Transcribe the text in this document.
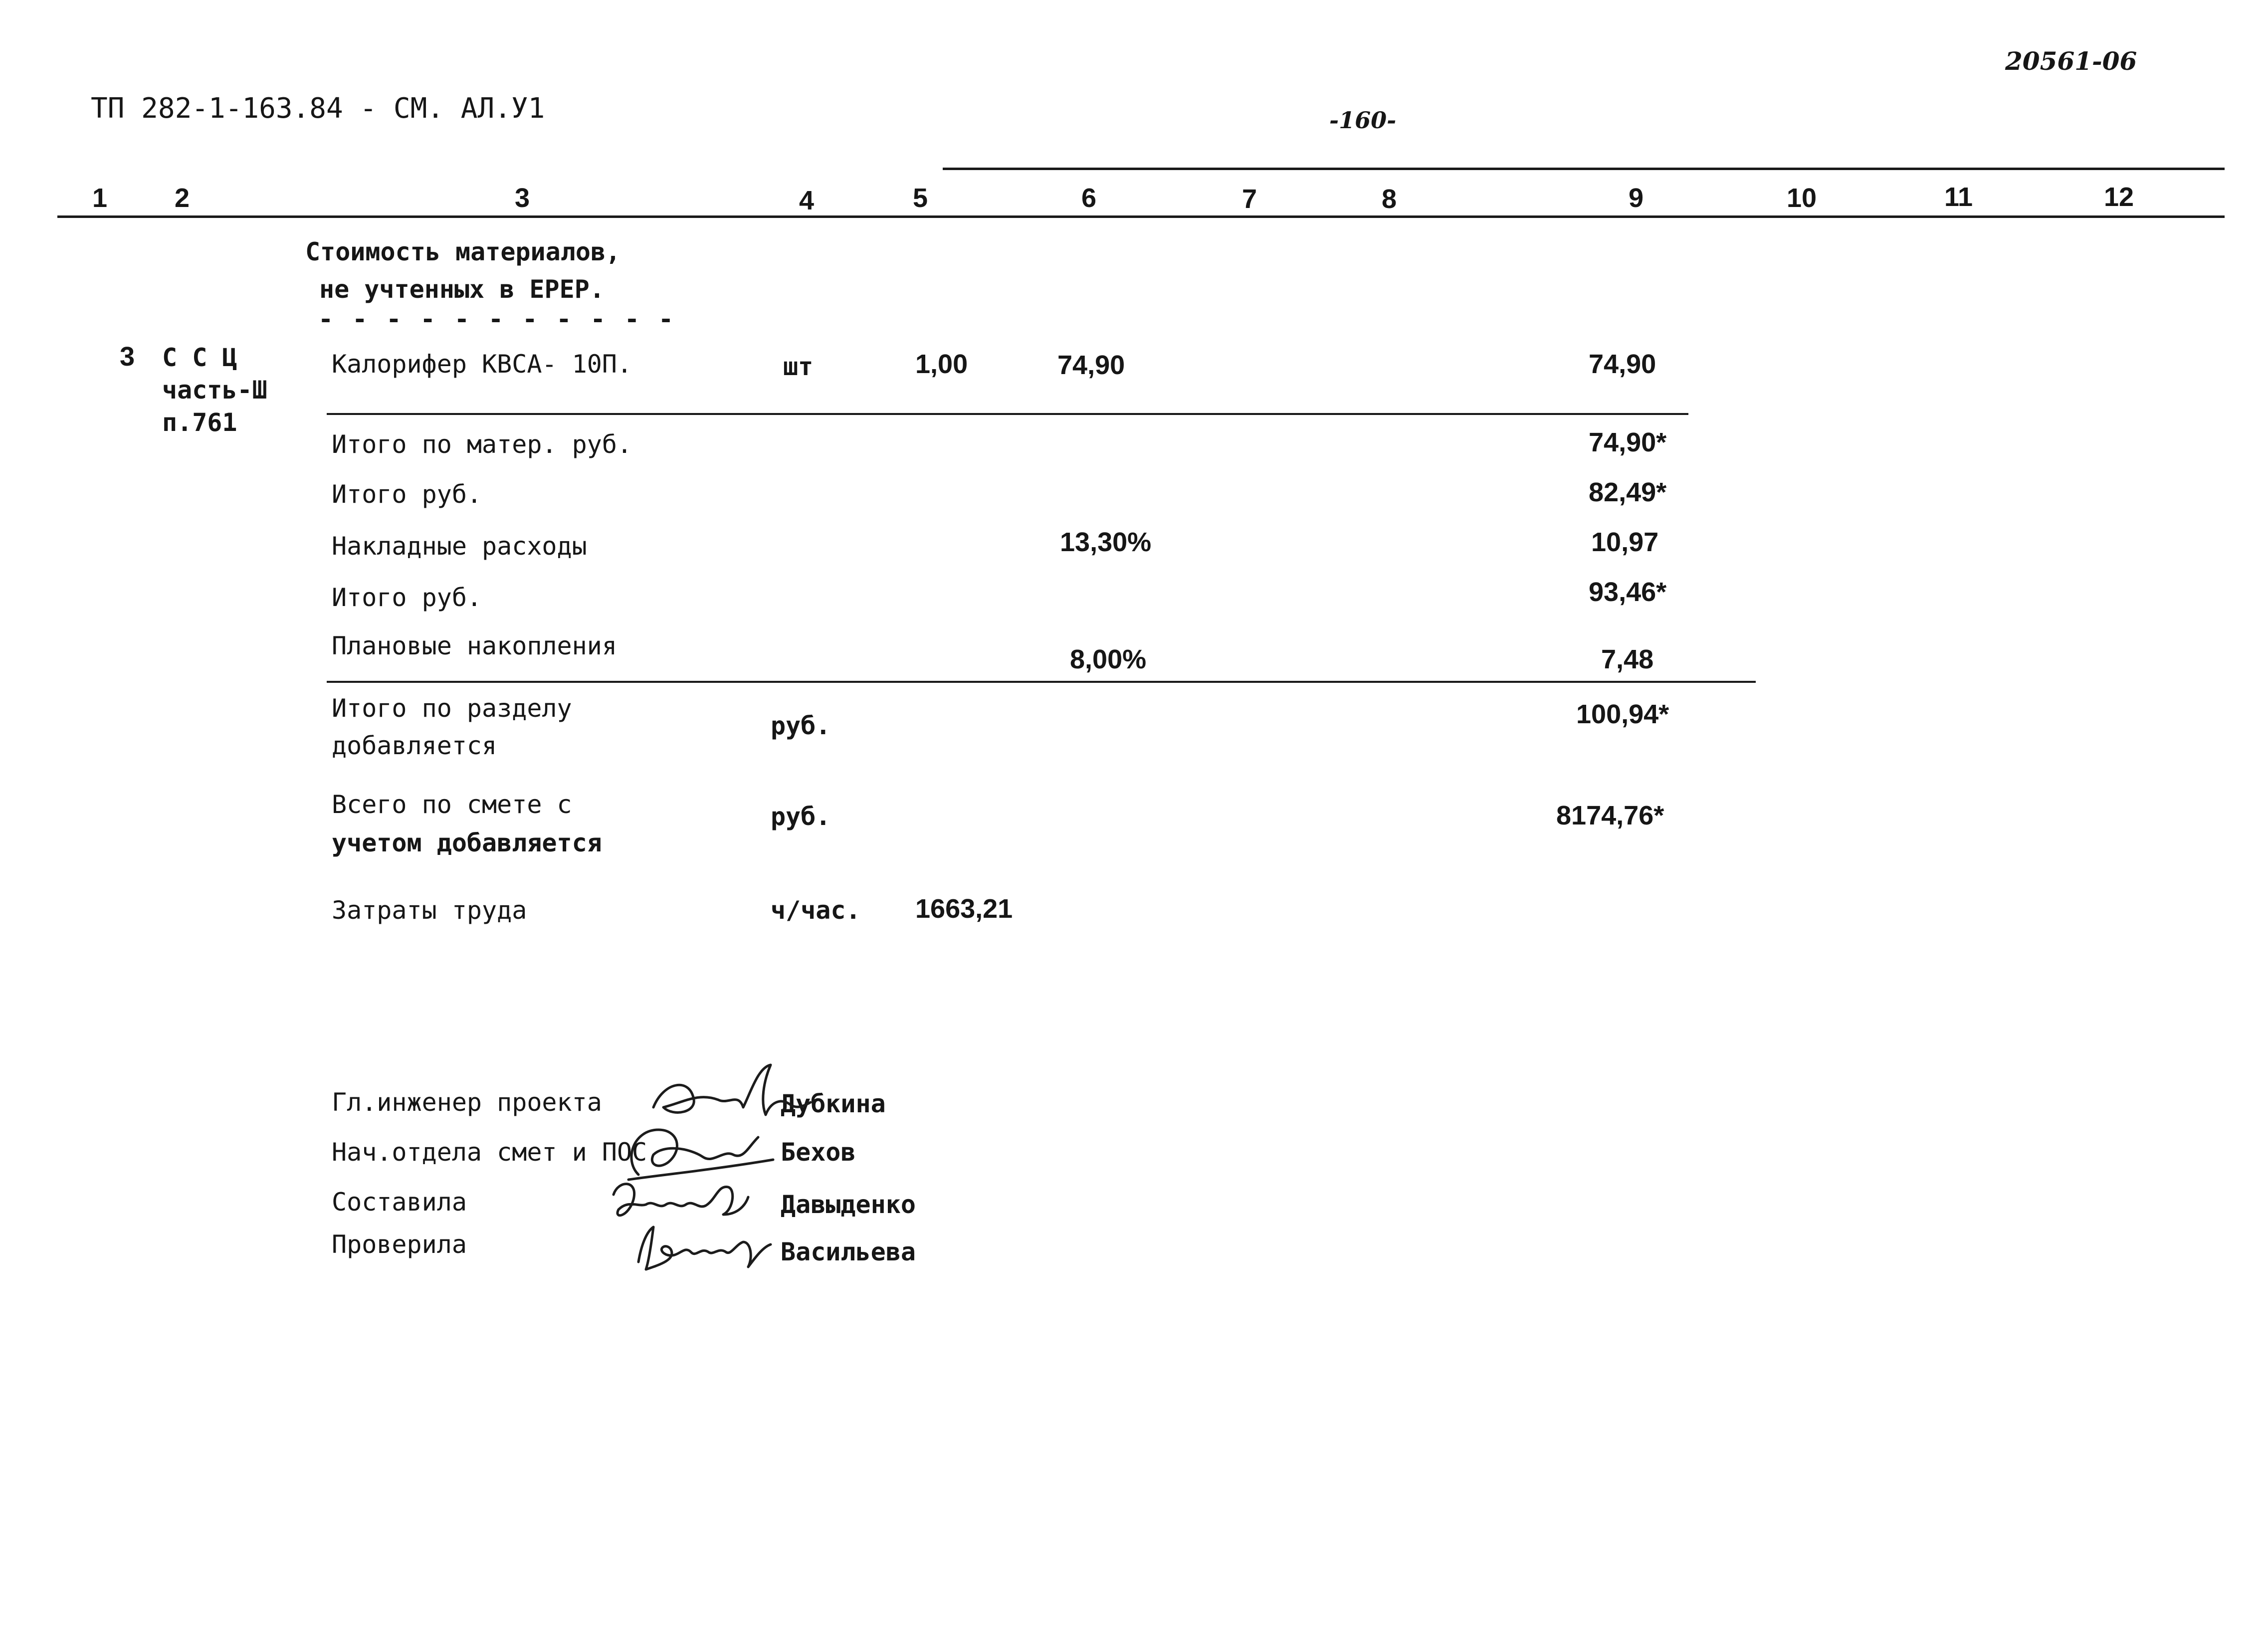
20561-06
ТП 282-1-163.84 - СМ. АЛ.У1	-160-
1 2	3	4	5	6	7	8	9	10	11	12
Стоимость материалов,
не учтенных в ЕРЕР.
- - - - - - - - - - -
3 С С Ц
часть-Ш
п.761
Калорифер КВСА- 10П.	шт	1,00	74,90	74,90
Итого по матер. руб.	74,90*
Итого руб.	82,49*
Накладные расходы	13,30%	10,97
Итого руб.	93,46*
Плановые накопления	8,00%	7,48
Итого по разделу
добавляется
руб.	100,94*
Всего по смете с
учетом добавляется
руб.	8174,76*
Затраты труда	ч/час. 1663,21
Гл.инженер проекта	Дубкина
Нач.отдела смет и ПОС	Бехов
Составила	Давыденко
Проверила	Васильева
